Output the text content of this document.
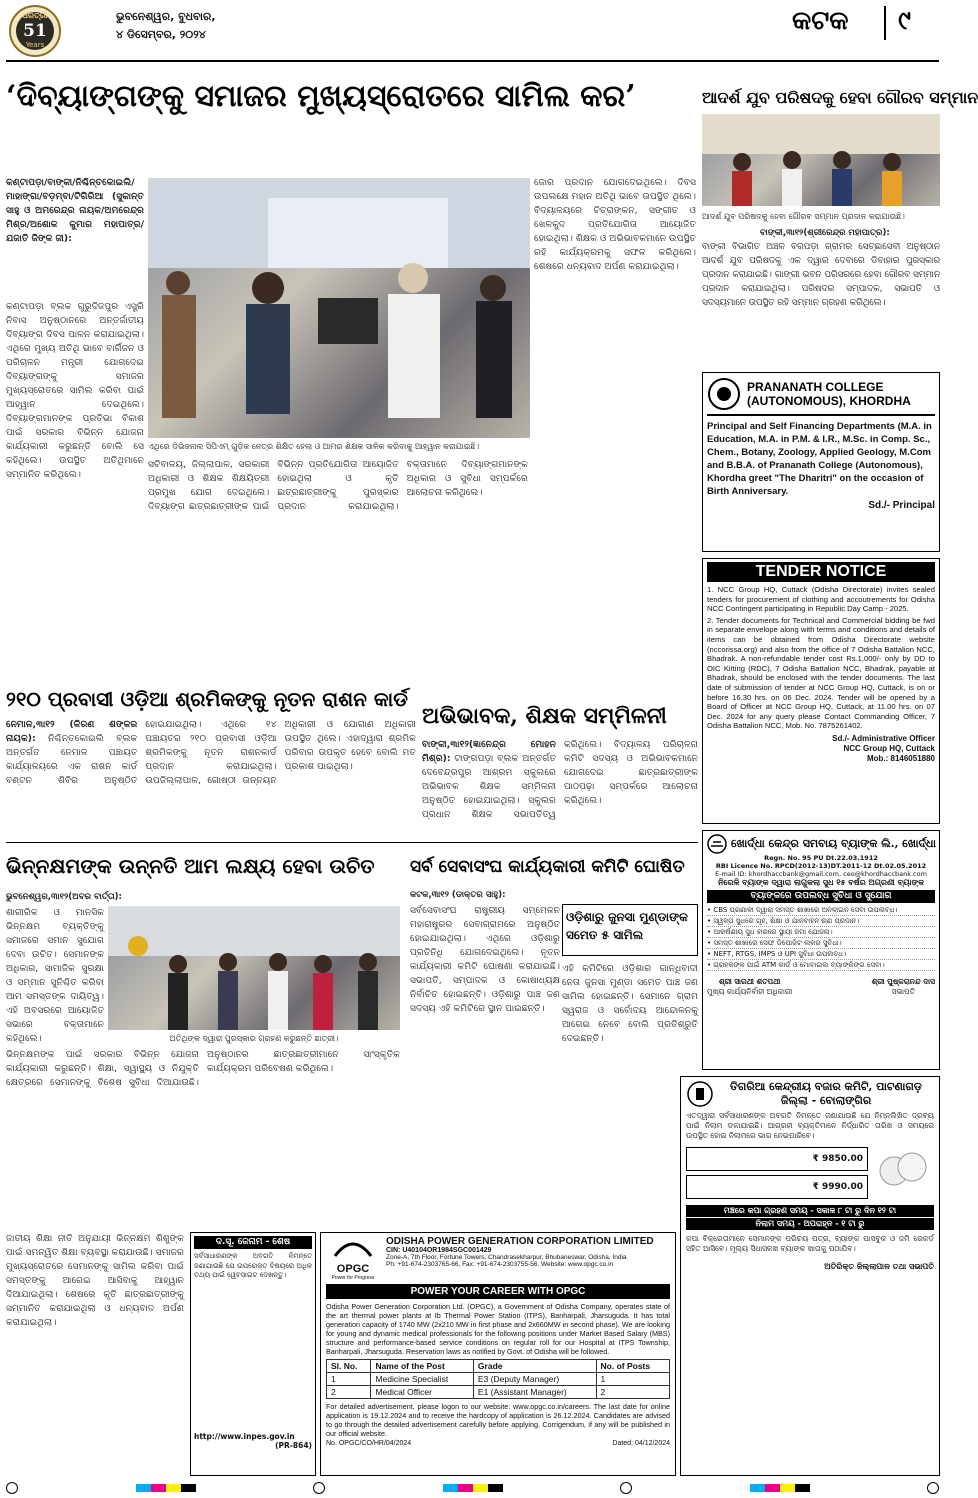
ଧରିତ୍ରୀ
51
Years
ଭୁବନେଶ୍ୱର, ବୁଧବାର,
୪ ଡିସେମ୍ବର, ୨୦୨୪	କଟକ ୯
‘ଦିବ୍ୟାଙ୍ଗଙ୍କୁ ସମାଜର ମୁଖ୍ୟସ୍ରୋତରେ ସାମିଲ କର’
କଣ୍ଟାପଡ଼ା/ବାଙ୍କୀ/ନିଶ୍ଚିନ୍ତକୋଇଲି/ମାହାଙ୍ଗା/ବଡ଼ମ୍ବା/ଟିଗିରିଆ (ସୁକାନ୍ତ ସାହୁ ଓ ଅମରେନ୍ଦ୍ର ନାୟକ/ଅମରେନ୍ଦ୍ର ମିଶ୍ର/ଅଶୋକ କୁମାର ମହାପାତ୍ର/ଯଜାତି ଜିଙ୍କ ଜୀ):
ଏଥିରେ ଡିଭିଜନାଲ ସିପିଏମ୍ ଗୁଡ଼ିକ ନେତ୍ର ଶିକ୍ଷିତ ହେଲା ଓ ଆମର ଶିକ୍ଷକ ସାଳିକ କରିବାକୁ ଆହ୍ୱାନ କରାଯାଇଛି।
କଣ୍ଟାପଡ଼ା ବ୍ଲକ ଗୁରୁଦିଜପୁର ଏସ୍ଟ୍ରି ନିବାସ ଅନୁଷ୍ଠାନରେ ଅନ୍ତର୍ଜାତୀୟ ଦିବ୍ୟାଙ୍ଗ ଦିବସ ପାଳନ କରାଯାଇଥିଲା। ଏଥିରେ ମୁଖ୍ୟ ଅତିଥି ଭାବେ ବାର୍ଗିଜନ ଓ ପରିଚାଳନ ମନ୍ତ୍ରୀ ଯୋଗଦେଇ ଦିବ୍ୟାଙ୍ଗଙ୍କୁ ସମାଜର ମୁଖ୍ୟସ୍ରୋତରେ ସାମିଲ କରିବା ପାଇଁ ଆହ୍ୱାନ ଦେଇଥିଲେ। ଦିବ୍ୟାଙ୍ଗମାନଙ୍କ ପ୍ରତିଭା ବିକାଶ ପାଇଁ ସରକାର ବିଭିନ୍ନ ଯୋଜନା କାର୍ଯ୍ୟକାରୀ କରୁଛନ୍ତି ବୋଲି ସେ କହିଥିଲେ। ଉପସ୍ଥିତ ଅତିଥିମାନେ ସମ୍ମାନିତ କରିଥିଲେ।
ସଚିବାଳୟ, ଜିଲ୍ଲାପାଳ, ସରକାରୀ ଅଧିକାରୀ ଓ ଶିକ୍ଷକ ଶିକ୍ଷୟିତ୍ରୀ ପ୍ରମୁଖ ଯୋଗ ଦେଇଥିଲେ। ଦିବ୍ୟାଙ୍ଗ ଛାତ୍ରଛାତ୍ରୀଙ୍କ ପାଇଁ ବିଭିନ୍ନ ପ୍ରତିଯୋଗିତା ଆୟୋଜିତ ହୋଇଥିଲା ଓ କୃତି ଛାତ୍ରଛାତ୍ରୀଙ୍କୁ ପୁରସ୍କାର ପ୍ରଦାନ କରାଯାଇଥିଲା। ବକ୍ତାମାନେ ଦିବ୍ୟାଙ୍ଗମାନଙ୍କ ଅଧିକାର ଓ ସୁବିଧା ସମ୍ପର୍କରେ ଆଲୋଚନା କରିଥିଲେ।
ଜୋର ପ୍ରଦାନ ଯୋଗଦେଇଥିଲେ। ଦିବସ ଉପଲକ୍ଷେ ମହାନ ଅତିଥି ଭାବେ ଉପସ୍ଥିତ ଥିଲେ। ବିଦ୍ୟାଳୟରେ ଚିତ୍ରାଙ୍କନ, ସଙ୍ଗୀତ ଓ ଖେଳକୁଦ ପ୍ରତିଯୋଗିତା ଆୟୋଜିତ ହୋଇଥିଲା। ଶିକ୍ଷକ ଓ ଅଭିଭାବକମାନେ ଉପସ୍ଥିତ ରହି କାର୍ଯ୍ୟକ୍ରମକୁ ସଫଳ କରିଥିଲେ। ଶେଷରେ ଧନ୍ୟବାଦ ଅର୍ପଣ କରାଯାଇଥିଲା।
ଆଦର୍ଶ ଯୁବ ପରିଷଦକୁ ହେବା ଗୌରବ ସମ୍ମାନ
ଆଦର୍ଶ ଯୁବ ପରିଷଦକୁ ହେବା ଗୌରବ ସମ୍ମାନ ପ୍ରଦାନ କରାଯାଉଛି।
ବାଙ୍କୀ,୩ା୧୨(ଶ୍ରୀରେନ୍ଦ୍ର ମହାପାତ୍ର):
ବାଙ୍କୀ ବିଭାଗିତ ଅଞ୍ଚଳ ବରପଡ଼ା ଗ୍ରାମର ସେଚ୍ଛାସେବୀ ଅନୁଷ୍ଠାନ ଆଦର୍ଶ ଯୁବ ପରିଷଦକୁ ଏକ ଦ୍ୱାର ଦେବାରେ ଡିବାହାର ପୁରସ୍କାର ପ୍ରଦାନ କରାଯାଇଛି। ଗାଙ୍ଗୀ ଭବନ ପରିସରରେ ହେବା ଗୌରବ ସମ୍ମାନ ପ୍ରଦାନ କରାଯାଇଥିଲା। ପରିଷଦର ସମ୍ପାଦକ, ସଭାପତି ଓ ସଦସ୍ୟମାନେ ଉପସ୍ଥିତ ରହି ସମ୍ମାନ ଗ୍ରହଣ କରିଥିଲେ।
PRANANATH COLLEGE (AUTONOMOUS), KHORDHA
Principal and Self Financing Departments (M.A. in Education, M.A. in P.M. & I.R., M.Sc. in Comp. Sc., Chem., Botany, Zoology, Applied Geology, M.Com and B.B.A. of Prananath College (Autonomous), Khordha greet "The Dharitri" on the occasion of Birth Anniversary.
Sd./- Principal
TENDER NOTICE
1. NCC Group HQ, Cuttack (Odisha Directorate) invites sealed tenders for procurement of clothing and accoutrements for Odisha NCC Contingent participating in Republic Day Camp - 2025.
2. Tender documents for Technical and Commercial bidding be fwd in separate envelope along with terms and conditions and details of items can be obtained from Odisha Directorate website (nccorissa.org) and also from the office of 7 Odisha Battalion NCC, Bhadrak. A non-refundable tender cost Rs.1,000/- only by DD to OIC Kitting (RDC), 7 Odisha Battalion NCC, Bhadrak, payable at Bhadrak, should be enclosed with the tender documents. The last date of submission of tender at NCC Group HQ, Cuttack, is on or before 16.30 hrs. on 06 Dec. 2024. Tender will be opened by a Board of Officer at NCC Group HQ, Cuttack, at 11.00 hrs. on 07 Dec. 2024 for any query please Contact Commanding Officer, 7 Odisha Battalion NCC, Mob. No. 7875261402.
Sd./- Administrative Officer
NCC Group HQ, Cuttack
Mob.: 8146051880
ଖୋର୍ଦ୍ଧା କେନ୍ଦ୍ର ସମବାୟ ବ୍ୟାଙ୍କ ଲି., ଖୋର୍ଦ୍ଧା
Regn. No. 95 PU Dt.22.03.1912
RBI Licence No. RPCD(2012-13)DT.2011-12 Dt.02.05.2012
E-mail ID: khordhaccbank@gmail.com, ceo@khordhaccbank.com
ନିରେଳି ବ୍ୟାଙ୍କ ଦ୍ୱାରା ଲାଗୁକଲା ସୁଧ ୧୫ ବର୍ଷର ଅଗ୍ରଣୀ ବ୍ୟାଙ୍କ
ବ୍ୟାଙ୍କରେ ଉପଲବ୍ଧ ସୁବିଧା ଓ ସୁଯୋଗ
• CBS ପ୍ରଣାଳୀ ଦ୍ୱାରା ସମସ୍ତ ଶାଖାରେ ଅନଲାଇନ ସେବା ଉପଲବ୍ଧ।
• ସ୍ୱଳ୍ପ ସୁଧରେ ଗୃହ, ଶିକ୍ଷା ଓ ଯାନବାହନ ଋଣ ପ୍ରଦାନ।
• ଆକର୍ଷଣୀୟ ସୁଧ ହାରରେ ସ୍ଥାୟୀ ଜମା ଯୋଜନା।
• ସମସ୍ତ ଶାଖାରେ ସେଫ ଡିପୋଜିଟ ଲକର ସୁବିଧା।
• NEFT, RTGS, IMPS ଓ UPI ସୁବିଧା ଉପଲବ୍ଧ।
• ଗ୍ରାହକଙ୍କ ପାଇଁ ATM କାର୍ଡ ଓ ମୋବାଇଲ ବ୍ୟାଙ୍କିଙ୍ଗ ସେବା।
ଶ୍ରୀ ସାରଥୀ ଶତପଥୀ
ମୁଖ୍ୟ କାର୍ଯ୍ୟନିର୍ବାହୀ ଅଧିକାରୀ
ଶ୍ରୀ ପୁଷ୍କରାନନ୍ଦ ଦାସ
ସଭାପତି
ତିଗରିଆ କେନ୍ଦ୍ରୀୟ ବଜାର କମିଟି, ପାଟଣାଗଡ଼
ଜିଲ୍ଲା - ବୋଲାଙ୍ଗିର
ଏତଦ୍ୱାରା ସର୍ବସାଧାରଣଙ୍କ ଅବଗତି ନିମନ୍ତେ ଜଣାଯାଉଛି ଯେ ନିମ୍ନଲିଖିତ ଦ୍ରବ୍ୟ ପାଇଁ ନିଲାମ ଡକାଯାଇଛି। ଆଗ୍ରହୀ ବ୍ୟକ୍ତିମାନେ ନିର୍ଦ୍ଧାରିତ ତାରିଖ ଓ ସମୟରେ ଉପସ୍ଥିତ ହୋଇ ନିଲାମରେ ଭାଗ ନେଇପାରିବେ।
₹ 9850.00
₹ 9990.00
ମଞ୍ଚରେ କପା ଗ୍ରହଣ ସମୟ - ସକାଳ ୮ ଟା ରୁ ଦିନ ୧୨ ଟା
ନିଲାମ ସମୟ - ଅପରାହ୍ନ - ୧ ଟା ରୁ
କପା ବିକ୍ରେତାମାନେ ସେମାନଙ୍କ ପରିଚୟ ପତ୍ର, ବ୍ୟାଙ୍କ ପାସବୁକ ଓ ଜମି ରେକର୍ଡ ସହିତ ଆସିବେ। ମୂଲ୍ୟ ସିଧାସଳଖ ବ୍ୟାଙ୍କ ଖାତାକୁ ପଠାଯିବ।
ଅତିରିକ୍ତ ଜିଲ୍ଲାପାଳ ତଥା ସଭାପତି
୨୧୦ ପ୍ରବାସୀ ଓଡ଼ିଆ ଶ୍ରମିକଙ୍କୁ ନୂତନ ରାଶନ କାର୍ଡ
ନେମାଳ,୩ା୧୨ (କିରଣ ଶଙ୍କର ନାୟକ): ନିଶ୍ଚିନ୍ତକୋଇଲି ବ୍ଲକ ଅନ୍ତର୍ଗତ ନେମାଳ ପଞ୍ଚାୟତ କାର୍ଯ୍ୟାଳୟରେ ଏକ ରାଶନ କାର୍ଡ ବଣ୍ଟନ ଶିବିର ଅନୁଷ୍ଠିତ ହୋଇଯାଇଥିଲା। ଏଥିରେ ୧୪ ପଞ୍ଚାୟତର ୨୧୦ ପ୍ରବାସୀ ଓଡ଼ିଆ ଶ୍ରମିକଙ୍କୁ ନୂତନ ରାଶନକାର୍ଡ ପ୍ରଦାନ କରାଯାଇଥିଲା। ଉପଜିଲ୍ଲାପାଳ, ଗୋଷ୍ଠୀ ଉନ୍ନୟନ ଅଧିକାରୀ ଓ ଯୋଗାଣ ଅଧିକାରୀ ଉପସ୍ଥିତ ଥିଲେ। ଏହାଦ୍ୱାରା ଶ୍ରମିକ ପରିବାର ଉପକୃତ ହେବେ ବୋଲି ମତ ପ୍ରକାଶ ପାଇଥିଲା।
ଅଭିଭାବକ, ଶିକ୍ଷକ ସମ୍ମିଳନୀ
ବାଙ୍କୀ,୩ା୧୨(ଜ୍ଞାନେନ୍ଦ୍ର ମୋହନ ମିଶ୍ର): ଟାଙ୍ଗପଡ଼ା ବ୍ଲକ ଅନ୍ତର୍ଗତ ଦେବେନ୍ଦ୍ରପୁର ଆଶ୍ରମ ସ୍କୁଲରେ ଅଭିଭାବକ ଶିକ୍ଷକ ସମ୍ମିଳନୀ ଅନୁଷ୍ଠିତ ହୋଇଯାଇଥିଲା। ସ୍କୁଲର ପ୍ରଧାନ ଶିକ୍ଷକ ସଭାପତିତ୍ୱ କରିଥିଲେ। ବିଦ୍ୟାଳୟ ପରିଚାଳନା କମିଟି ସଦସ୍ୟ ଓ ଅଭିଭାବକମାନେ ଯୋଗଦେଇ ଛାତ୍ରଛାତ୍ରୀଙ୍କ ପାଠପଢ଼ା ସମ୍ପର୍କରେ ଆଲୋଚନା କରିଥିଲେ।
ଭିନ୍ନକ୍ଷମଙ୍କ ଉନ୍ନତି ଆମ ଲକ୍ଷ୍ୟ ହେବା ଉଚିତ
ଭୁବନେଶ୍ୱର,୩ା୧୨(ଅବର ବାର୍ତ୍ତା):
ଅତିଥିଙ୍କ ଦ୍ୱାରା ପୁରସ୍କାର ଗ୍ରହଣ କରୁଛନ୍ତି ଛାତ୍ରୀ।
ଶାରୀରିକ ଓ ମାନସିକ ଭିନ୍ନକ୍ଷମ ବ୍ୟକ୍ତିଙ୍କୁ ସମାଜରେ ସମାନ ସୁଯୋଗ ଦେବା ଉଚିତ। ସେମାନଙ୍କ ଅଧିକାର, ସାମାଜିକ ସୁରକ୍ଷା ଓ ସମ୍ମାନ ସୁନିଶ୍ଚିତ କରିବା ଆମ ସମସ୍ତଙ୍କ ଦାୟିତ୍ୱ। ଏହି ଅବସରରେ ଆୟୋଜିତ ସଭାରେ ବକ୍ତାମାନେ କହିଥିଲେ।
ଭିନ୍ନକ୍ଷମଙ୍କ ପାଇଁ ସରକାର ବିଭିନ୍ନ ଯୋଜନା କାର୍ଯ୍ୟକାରୀ କରୁଛନ୍ତି। ଶିକ୍ଷା, ସ୍ୱାସ୍ଥ୍ୟ ଓ ନିଯୁକ୍ତି କ୍ଷେତ୍ରରେ ସେମାନଙ୍କୁ ବିଶେଷ ସୁବିଧା ଦିଆଯାଉଛି। ଅନୁଷ୍ଠାନର ଛାତ୍ରଛାତ୍ରୀମାନେ ସାଂସ୍କୃତିକ କାର୍ଯ୍ୟକ୍ରମ ପରିବେଷଣ କରିଥିଲେ।
ଜାତୀୟ ଶିକ୍ଷା ନୀତି ଅନୁଯାୟୀ ଭିନ୍ନକ୍ଷମ ଶିଶୁଙ୍କ ପାଇଁ ସମନ୍ୱିତ ଶିକ୍ଷା ବ୍ୟବସ୍ଥା କରାଯାଉଛି। ସମାଜର ମୁଖ୍ୟସ୍ରୋତରେ ସେମାନଙ୍କୁ ସାମିଲ କରିବା ପାଇଁ ସମସ୍ତଙ୍କୁ ଆଗେଇ ଆସିବାକୁ ଆହ୍ୱାନ ଦିଆଯାଇଥିଲା। ଶେଷରେ କୃତି ଛାତ୍ରଛାତ୍ରୀଙ୍କୁ ସମ୍ମାନିତ କରାଯାଇଥିଲା ଓ ଧନ୍ୟବାଦ ଅର୍ପଣ କରାଯାଇଥିଲା।
ସର୍ବ ସେବାସଂଘ କାର୍ଯ୍ୟକାରୀ କମିଟି ଘୋଷିତ
କଟକ,୩ା୧୨ (ଡାକ୍ତର ସାହୁ):
ସର୍ବସେବାସଂଘ ରାଷ୍ଟ୍ରୀୟ ସମ୍ମେଳନ ମହାରାଷ୍ଟ୍ରର ସେବାଗ୍ରାମରେ ଅନୁଷ୍ଠିତ ହୋଇଯାଇଥିଲା। ଏଥିରେ ଓଡ଼ିଶାରୁ ପ୍ରତିନିଧି ଯୋଗଦେଇଥିଲେ। ନୂତନ କାର୍ଯ୍ୟକାରୀ କମିଟି ଘୋଷଣା କରାଯାଇଛି। ସଭାପତି, ସମ୍ପାଦକ ଓ କୋଷାଧ୍ୟକ୍ଷ ନିର୍ବାଚିତ ହୋଇଛନ୍ତି। ଓଡ଼ିଶାରୁ ପାଞ୍ଚ ଜଣ ସଦସ୍ୟ ଏହି କମିଟିରେ ସ୍ଥାନ ପାଇଛନ୍ତି।
ଓଡ଼ିଶାରୁ ଜୁନସା ମୁଣ୍ଡାଙ୍କ ସମେତ ୫ ସାମିଲ
ଏହି କମିଟିରେ ଓଡ଼ିଶାର ଗାନ୍ଧିବାଦୀ ନେତା ଜୁନସା ମୁଣ୍ଡା ସମେତ ପାଞ୍ଚ ଜଣ ସାମିଲ ହୋଇଛନ୍ତି। ସେମାନେ ଗ୍ରାମ ସ୍ୱରାଜ ଓ ସର୍ବୋଦୟ ଆନ୍ଦୋଳନକୁ ଆଗେଇ ନେବେ ବୋଲି ପ୍ରତିଶ୍ରୁତି ଦେଇଛନ୍ତି।
ଦ.ସୂ. ଜେନାମ - ଶେଷ
ସର୍ବସାଧାରଣଙ୍କ ଅବଗତି ନିମନ୍ତେ ଜଣାଯାଉଛି ଯେ ଉପରୋକ୍ତ ବିଷୟରେ ଅଧିକ ତଥ୍ୟ ପାଇଁ ୱେବସାଇଟ ଦେଖନ୍ତୁ।
http://www.inpes.gov.in
(PR-864)
OPGC
Power for Progress
ODISHA POWER GENERATION CORPORATION LIMITED
CIN: U40104OR1984SGC001429
Zone-A, 7th Floor, Fortune Towers, Chandrasekharpur, Bhubaneswar, Odisha, India
Ph: +91-674-2303765-66, Fax: +91-674-2303755-56, Website: www.opgc.co.in
POWER YOUR CAREER WITH OPGC
Odisha Power Generation Corporation Ltd. (OPGC), a Government of Odisha Company, operates state of the art thermal power plants at Ib Thermal Power Station (ITPS), Banharpali, Jharsuguda. It has total generation capacity of 1740 MW (2x210 MW in first phase and 2x660MW in second phase). We are looking for young and dynamic medical professionals for the following positions under Market Based Salary (MBS) structure and performance-based service conditions on regular roll for our Hospital at ITPS Township, Banharpali, Jharsuguda. Reservation laws as notified by Govt. of Odisha will be followed.
Sl. No.	Name of the Post	Grade	No. of Posts
1	Medicine Specialist	E3 (Deputy Manager)	1
2	Medical Officer	E1 (Assistant Manager)	2
For detailed advertisement, please logon to our website: www.opgc.co.in/careers. The last date for online application is 19.12.2024 and to receive the hardcopy of application is 26.12.2024. Candidates are advised to go through the detailed advertisement carefully before applying. Corrigendum, if any will be published in our official website.
No. OPGC/CO/HR/04/2024	Dated: 04/12/2024
